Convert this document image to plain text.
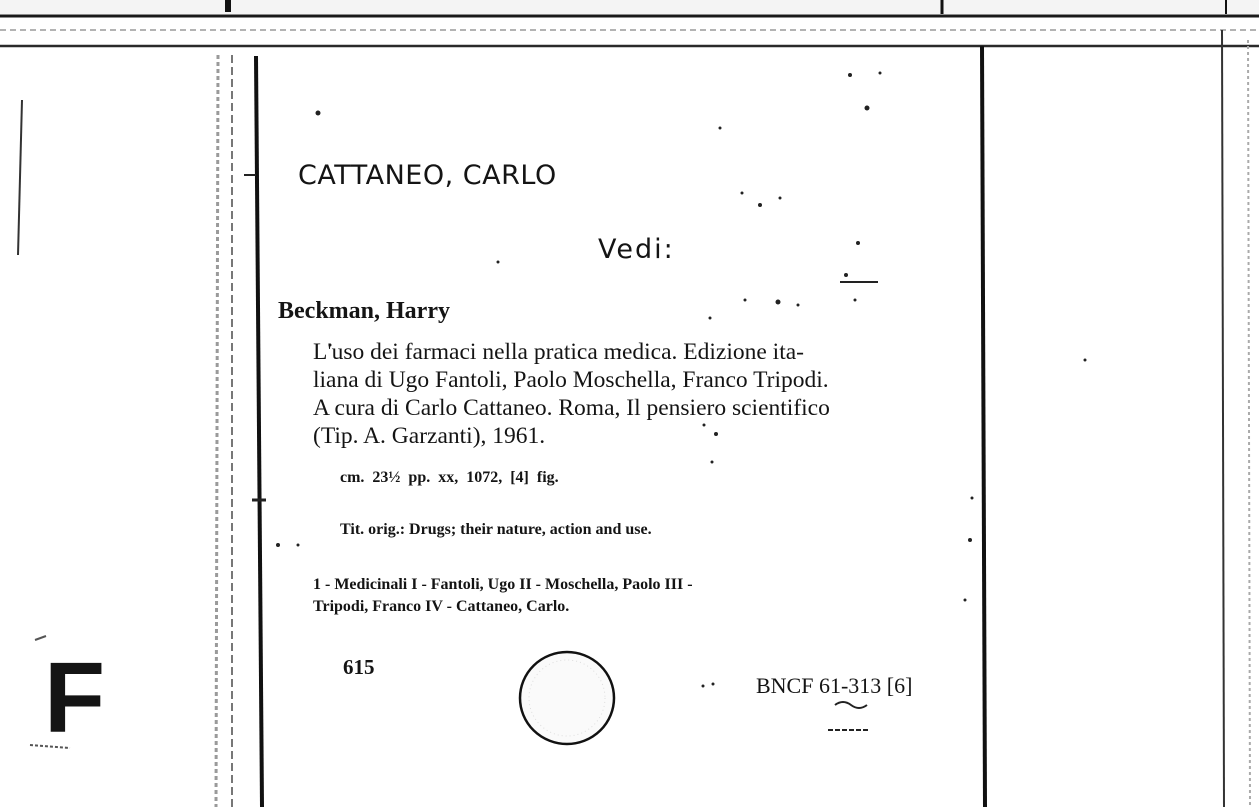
CATTANEO, CARLO
Vedi:
Beckman, Harry
L'uso dei farmaci nella pratica medica. Edizione ita-
liana di Ugo Fantoli, Paolo Moschella, Franco Tripodi.
A cura di Carlo Cattaneo. Roma, Il pensiero scientifico
(Tip. A. Garzanti), 1961.
cm. 23½ pp. xx, 1072, [4] fig.
Tit. orig.: Drugs; their nature, action and use.
1 - Medicinali I - Fantoli, Ugo II - Moschella, Paolo III -
Tripodi, Franco IV - Cattaneo, Carlo.
615
BNCF 61-313 [6]
F
